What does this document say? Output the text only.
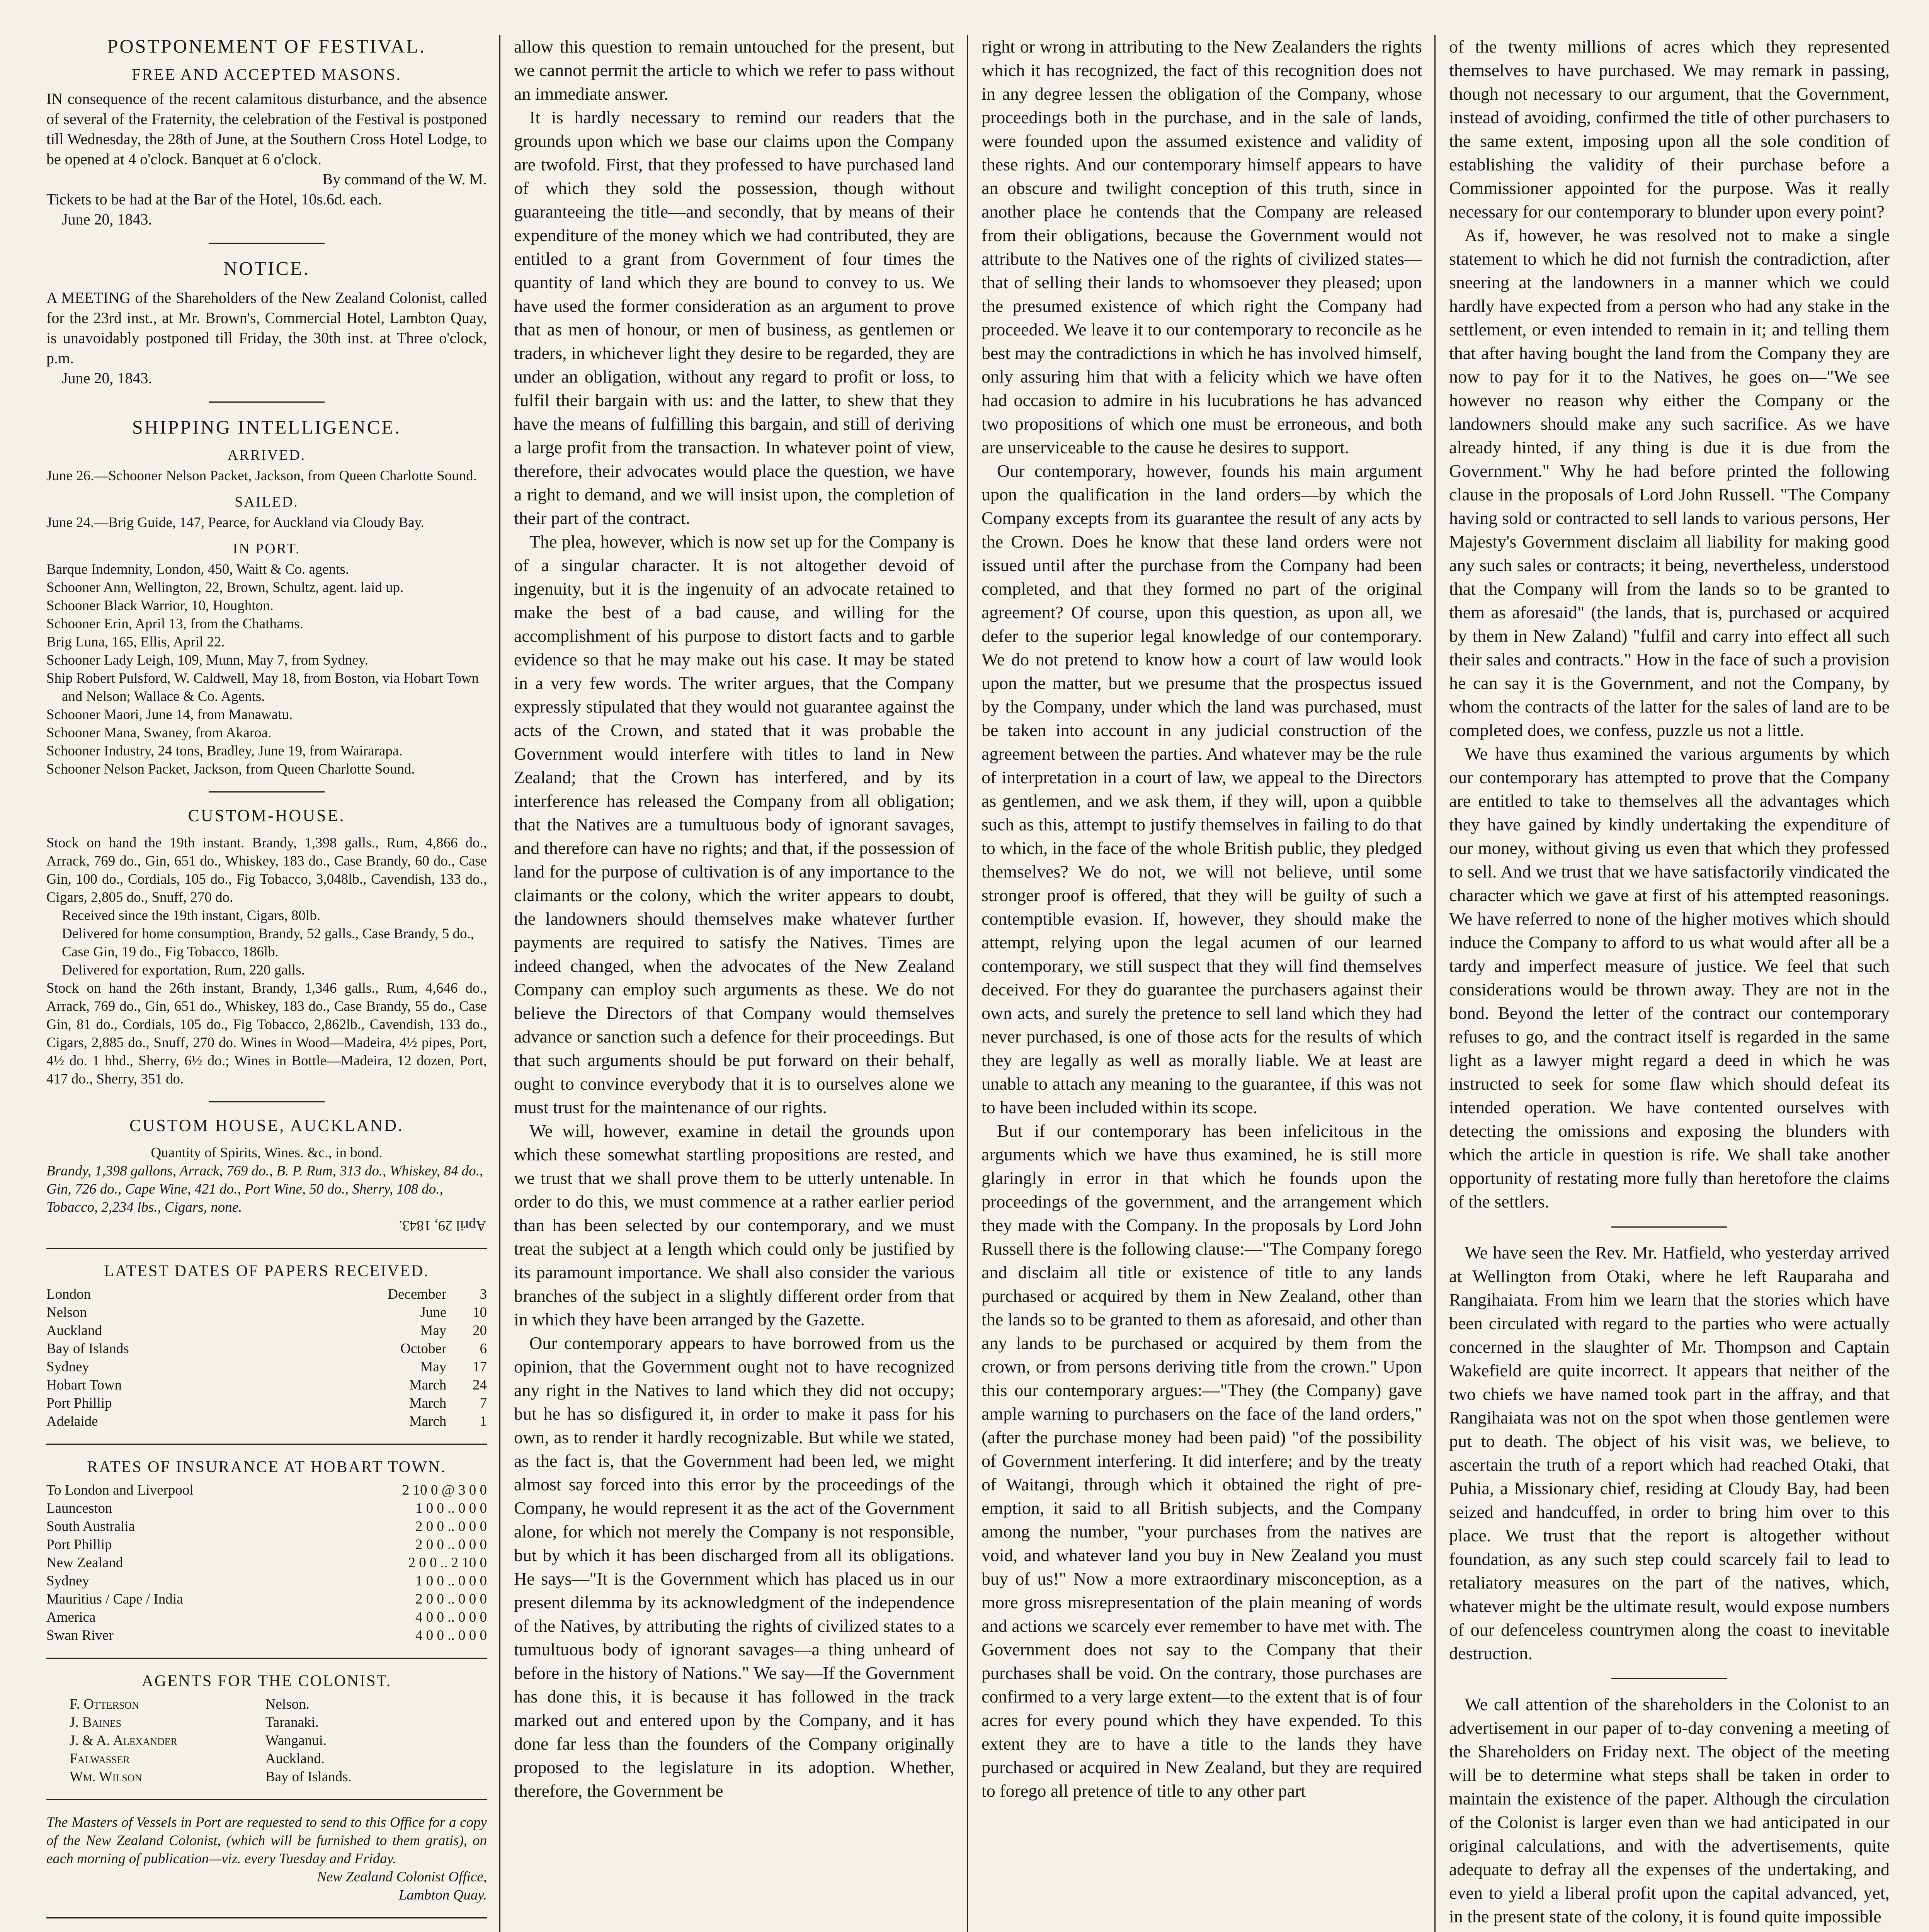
POSTPONEMENT OF FESTIVAL.
FREE AND ACCEPTED MASONS.

IN consequence of the recent calamitous disturbance, and the absence of several of the Fraternity, the celebration of the Festival is postponed till Wednesday, the 28th of June, at the Southern Cross Hotel Lodge, to be opened at 4 o'clock. Banquet at 6 o'clock.

By command of the W. M.

Tickets to be had at the Bar of the Hotel, 10s.6d. each.

June 20, 1843.

NOTICE.

A MEETING of the Shareholders of the New Zealand Colonist, called for the 23rd inst., at Mr. Brown's, Commercial Hotel, Lambton Quay, is unavoidably postponed till Friday, the 30th inst. at Three o'clock, p.m.

June 20, 1843.

SHIPPING INTELLIGENCE.
ARRIVED.

June 26.—Schooner Nelson Packet, Jackson, from Queen Charlotte Sound.

SAILED.

June 24.—Brig Guide, 147, Pearce, for Auckland via Cloudy Bay.

IN PORT.

Barque Indemnity, London, 450, Waitt & Co. agents.

Schooner Ann, Wellington, 22, Brown, Schultz, agent. laid up.

Schooner Black Warrior, 10, Houghton.

Schooner Erin, April 13, from the Chathams.

Brig Luna, 165, Ellis, April 22.

Schooner Lady Leigh, 109, Munn, May 7, from Sydney.

Ship Robert Pulsford, W. Caldwell, May 18, from Boston, via Hobart Town and Nelson; Wallace & Co. Agents.

Schooner Maori, June 14, from Manawatu.

Schooner Mana, Swaney, from Akaroa.

Schooner Industry, 24 tons, Bradley, June 19, from Wairarapa.

Schooner Nelson Packet, Jackson, from Queen Charlotte Sound.

CUSTOM-HOUSE.

Stock on hand the 19th instant. Brandy, 1,398 galls., Rum, 4,866 do., Arrack, 769 do., Gin, 651 do., Whiskey, 183 do., Case Brandy, 60 do., Case Gin, 100 do., Cordials, 105 do., Fig Tobacco, 3,048lb., Cavendish, 133 do., Cigars, 2,805 do., Snuff, 270 do.

Received since the 19th instant, Cigars, 80lb.

Delivered for home consumption, Brandy, 52 galls., Case Brandy, 5 do., Case Gin, 19 do., Fig Tobacco, 186lb.

Delivered for exportation, Rum, 220 galls.

Stock on hand the 26th instant, Brandy, 1,346 galls., Rum, 4,646 do., Arrack, 769 do., Gin, 651 do., Whiskey, 183 do., Case Brandy, 55 do., Case Gin, 81 do., Cordials, 105 do., Fig Tobacco, 2,862lb., Cavendish, 133 do., Cigars, 2,885 do., Snuff, 270 do. Wines in Wood—Madeira, 4½ pipes, Port, 4½ do. 1 hhd., Sherry, 6½ do.; Wines in Bottle—Madeira, 12 dozen, Port, 417 do., Sherry, 351 do.

CUSTOM HOUSE, AUCKLAND.

Quantity of Spirits, Wines. &c., in bond.

Brandy, 1,398 gallons, Arrack, 769 do., B. P. Rum, 313 do., Whiskey, 84 do., Gin, 726 do., Cape Wine, 421 do., Port Wine, 50 do., Sherry, 108 do., Tobacco, 2,234 lbs., Cigars, none.

April 29, 1843.

LATEST DATES OF PAPERS RECEIVED.
London	December	3
Nelson	June	10
Auckland	May	20
Bay of Islands	October	6
Sydney	May	17
Hobart Town	March	24
Port Phillip	March	7
Adelaide	March	1
RATES OF INSURANCE AT HOBART TOWN.
To London and Liverpool	2 10 0 @ 3 0 0
Launceston	1 0 0 .. 0 0 0
South Australia	2 0 0 .. 0 0 0
Port Phillip	2 0 0 .. 0 0 0
New Zealand	2 0 0 .. 2 10 0
Sydney	1 0 0 .. 0 0 0
Mauritius / Cape / India	2 0 0 .. 0 0 0
America	4 0 0 .. 0 0 0
Swan River	4 0 0 .. 0 0 0
AGENTS FOR THE COLONIST.
F. Otterson	Nelson.
J. Baines	Taranaki.
J. & A. Alexander	Wanganui.
Falwasser	Auckland.
Wm. Wilson	Bay of Islands.

The Masters of Vessels in Port are requested to send to this Office for a copy of the New Zealand Colonist, (which will be furnished to them gratis), on each morning of publication—viz. every Tuesday and Friday.

New Zealand Colonist Office,

Lambton Quay.

allow this question to remain untouched for the present, but we cannot permit the article to which we refer to pass without an immediate answer.

It is hardly necessary to remind our readers that the grounds upon which we base our claims upon the Company are twofold. First, that they professed to have purchased land of which they sold the possession, though without guaranteeing the title—and secondly, that by means of their expenditure of the money which we had contributed, they are entitled to a grant from Government of four times the quantity of land which they are bound to convey to us. We have used the former consideration as an argument to prove that as men of honour, or men of business, as gentlemen or traders, in whichever light they desire to be regarded, they are under an obligation, without any regard to profit or loss, to fulfil their bargain with us: and the latter, to shew that they have the means of fulfilling this bargain, and still of deriving a large profit from the transaction. In whatever point of view, therefore, their advocates would place the question, we have a right to demand, and we will insist upon, the completion of their part of the contract.

The plea, however, which is now set up for the Company is of a singular character. It is not altogether devoid of ingenuity, but it is the ingenuity of an advocate retained to make the best of a bad cause, and willing for the accomplishment of his purpose to distort facts and to garble evidence so that he may make out his case. It may be stated in a very few words. The writer argues, that the Company expressly stipulated that they would not guarantee against the acts of the Crown, and stated that it was probable the Government would interfere with titles to land in New Zealand; that the Crown has interfered, and by its interference has released the Company from all obligation; that the Natives are a tumultuous body of ignorant savages, and therefore can have no rights; and that, if the possession of land for the purpose of cultivation is of any importance to the claimants or the colony, which the writer appears to doubt, the landowners should themselves make whatever further payments are required to satisfy the Natives. Times are indeed changed, when the advocates of the New Zealand Company can employ such arguments as these. We do not believe the Directors of that Company would themselves advance or sanction such a defence for their proceedings. But that such arguments should be put forward on their behalf, ought to convince everybody that it is to ourselves alone we must trust for the maintenance of our rights.

We will, however, examine in detail the grounds upon which these somewhat startling propositions are rested, and we trust that we shall prove them to be utterly untenable. In order to do this, we must commence at a rather earlier period than has been selected by our contemporary, and we must treat the subject at a length which could only be justified by its paramount importance. We shall also consider the various branches of the subject in a slightly different order from that in which they have been arranged by the Gazette.

Our contemporary appears to have borrowed from us the opinion, that the Government ought not to have recognized any right in the Natives to land which they did not occupy; but he has so disfigured it, in order to make it pass for his own, as to render it hardly recognizable. But while we stated, as the fact is, that the Government had been led, we might almost say forced into this error by the proceedings of the Company, he would represent it as the act of the Government alone, for which not merely the Company is not responsible, but by which it has been discharged from all its obligations. He says—"It is the Government which has placed us in our present dilemma by its acknowledgment of the independence of the Natives, by attributing the rights of civilized states to a tumultuous body of ignorant savages—a thing unheard of before in the history of Nations." We say—If the Government has done this, it is because it has followed in the track marked out and entered upon by the Company, and it has done far less than the founders of the Company originally proposed to the legislature in its adoption. Whether, therefore, the Government be

right or wrong in attributing to the New Zealanders the rights which it has recognized, the fact of this recognition does not in any degree lessen the obligation of the Company, whose proceedings both in the purchase, and in the sale of lands, were founded upon the assumed existence and validity of these rights. And our contemporary himself appears to have an obscure and twilight conception of this truth, since in another place he contends that the Company are released from their obligations, because the Government would not attribute to the Natives one of the rights of civilized states—that of selling their lands to whomsoever they pleased; upon the presumed existence of which right the Company had proceeded. We leave it to our contemporary to reconcile as he best may the contradictions in which he has involved himself, only assuring him that with a felicity which we have often had occasion to admire in his lucubrations he has advanced two propositions of which one must be erroneous, and both are unserviceable to the cause he desires to support.

Our contemporary, however, founds his main argument upon the qualification in the land orders—by which the Company excepts from its guarantee the result of any acts by the Crown. Does he know that these land orders were not issued until after the purchase from the Company had been completed, and that they formed no part of the original agreement? Of course, upon this question, as upon all, we defer to the superior legal knowledge of our contemporary. We do not pretend to know how a court of law would look upon the matter, but we presume that the prospectus issued by the Company, under which the land was purchased, must be taken into account in any judicial construction of the agreement between the parties. And whatever may be the rule of interpretation in a court of law, we appeal to the Directors as gentlemen, and we ask them, if they will, upon a quibble such as this, attempt to justify themselves in failing to do that to which, in the face of the whole British public, they pledged themselves? We do not, we will not believe, until some stronger proof is offered, that they will be guilty of such a contemptible evasion. If, however, they should make the attempt, relying upon the legal acumen of our learned contemporary, we still suspect that they will find themselves deceived. For they do guarantee the purchasers against their own acts, and surely the pretence to sell land which they had never purchased, is one of those acts for the results of which they are legally as well as morally liable. We at least are unable to attach any meaning to the guarantee, if this was not to have been included within its scope.

But if our contemporary has been infelicitous in the arguments which we have thus examined, he is still more glaringly in error in that which he founds upon the proceedings of the government, and the arrangement which they made with the Company. In the proposals by Lord John Russell there is the following clause:—"The Company forego and disclaim all title or existence of title to any lands purchased or acquired by them in New Zealand, other than the lands so to be granted to them as aforesaid, and other than any lands to be purchased or acquired by them from the crown, or from persons deriving title from the crown." Upon this our contemporary argues:—"They (the Company) gave ample warning to purchasers on the face of the land orders," (after the purchase money had been paid) "of the possibility of Government interfering. It did interfere; and by the treaty of Waitangi, through which it obtained the right of pre-emption, it said to all British subjects, and the Company among the number, "your purchases from the natives are void, and whatever land you buy in New Zealand you must buy of us!" Now a more extraordinary misconception, as a more gross misrepresentation of the plain meaning of words and actions we scarcely ever remember to have met with. The Government does not say to the Company that their purchases shall be void. On the contrary, those purchases are confirmed to a very large extent—to the extent that is of four acres for every pound which they have expended. To this extent they are to have a title to the lands they have purchased or acquired in New Zealand, but they are required to forego all pretence of title to any other part

of the twenty millions of acres which they represented themselves to have purchased. We may remark in passing, though not necessary to our argument, that the Government, instead of avoiding, confirmed the title of other purchasers to the same extent, imposing upon all the sole condition of establishing the validity of their purchase before a Commissioner appointed for the purpose. Was it really necessary for our contemporary to blunder upon every point?

As if, however, he was resolved not to make a single statement to which he did not furnish the contradiction, after sneering at the landowners in a manner which we could hardly have expected from a person who had any stake in the settlement, or even intended to remain in it; and telling them that after having bought the land from the Company they are now to pay for it to the Natives, he goes on—"We see however no reason why either the Company or the landowners should make any such sacrifice. As we have already hinted, if any thing is due it is due from the Government." Why he had before printed the following clause in the proposals of Lord John Russell. "The Company having sold or contracted to sell lands to various persons, Her Majesty's Government disclaim all liability for making good any such sales or contracts; it being, nevertheless, understood that the Company will from the lands so to be granted to them as aforesaid" (the lands, that is, purchased or acquired by them in New Zaland) "fulfil and carry into effect all such their sales and contracts." How in the face of such a provision he can say it is the Government, and not the Company, by whom the contracts of the latter for the sales of land are to be completed does, we confess, puzzle us not a little.

We have thus examined the various arguments by which our contemporary has attempted to prove that the Company are entitled to take to themselves all the advantages which they have gained by kindly undertaking the expenditure of our money, without giving us even that which they professed to sell. And we trust that we have satisfactorily vindicated the character which we gave at first of his attempted reasonings. We have referred to none of the higher motives which should induce the Company to afford to us what would after all be a tardy and imperfect measure of justice. We feel that such considerations would be thrown away. They are not in the bond. Beyond the letter of the contract our contemporary refuses to go, and the contract itself is regarded in the same light as a lawyer might regard a deed in which he was instructed to seek for some flaw which should defeat its intended operation. We have contented ourselves with detecting the omissions and exposing the blunders with which the article in question is rife. We shall take another opportunity of restating more fully than heretofore the claims of the settlers.

We have seen the Rev. Mr. Hatfield, who yesterday arrived at Wellington from Otaki, where he left Rauparaha and Rangihaiata. From him we learn that the stories which have been circulated with regard to the parties who were actually concerned in the slaughter of Mr. Thompson and Captain Wakefield are quite incorrect. It appears that neither of the two chiefs we have named took part in the affray, and that Rangihaiata was not on the spot when those gentlemen were put to death. The object of his visit was, we believe, to ascertain the truth of a report which had reached Otaki, that Puhia, a Missionary chief, residing at Cloudy Bay, had been seized and handcuffed, in order to bring him over to this place. We trust that the report is altogether without foundation, as any such step could scarcely fail to lead to retaliatory measures on the part of the natives, which, whatever might be the ultimate result, would expose numbers of our defenceless countrymen along the coast to inevitable destruction.

We call attention of the shareholders in the Colonist to an advertisement in our paper of to-day convening a meeting of the Shareholders on Friday next. The object of the meeting will be to determine what steps shall be taken in order to maintain the existence of the paper. Although the circulation of the Colonist is larger even than we had anticipated in our original calculations, and with the advertisements, quite adequate to defray all the expenses of the undertaking, and even to yield a liberal profit upon the capital advanced, yet, in the present state of the colony, it is found quite impossible
